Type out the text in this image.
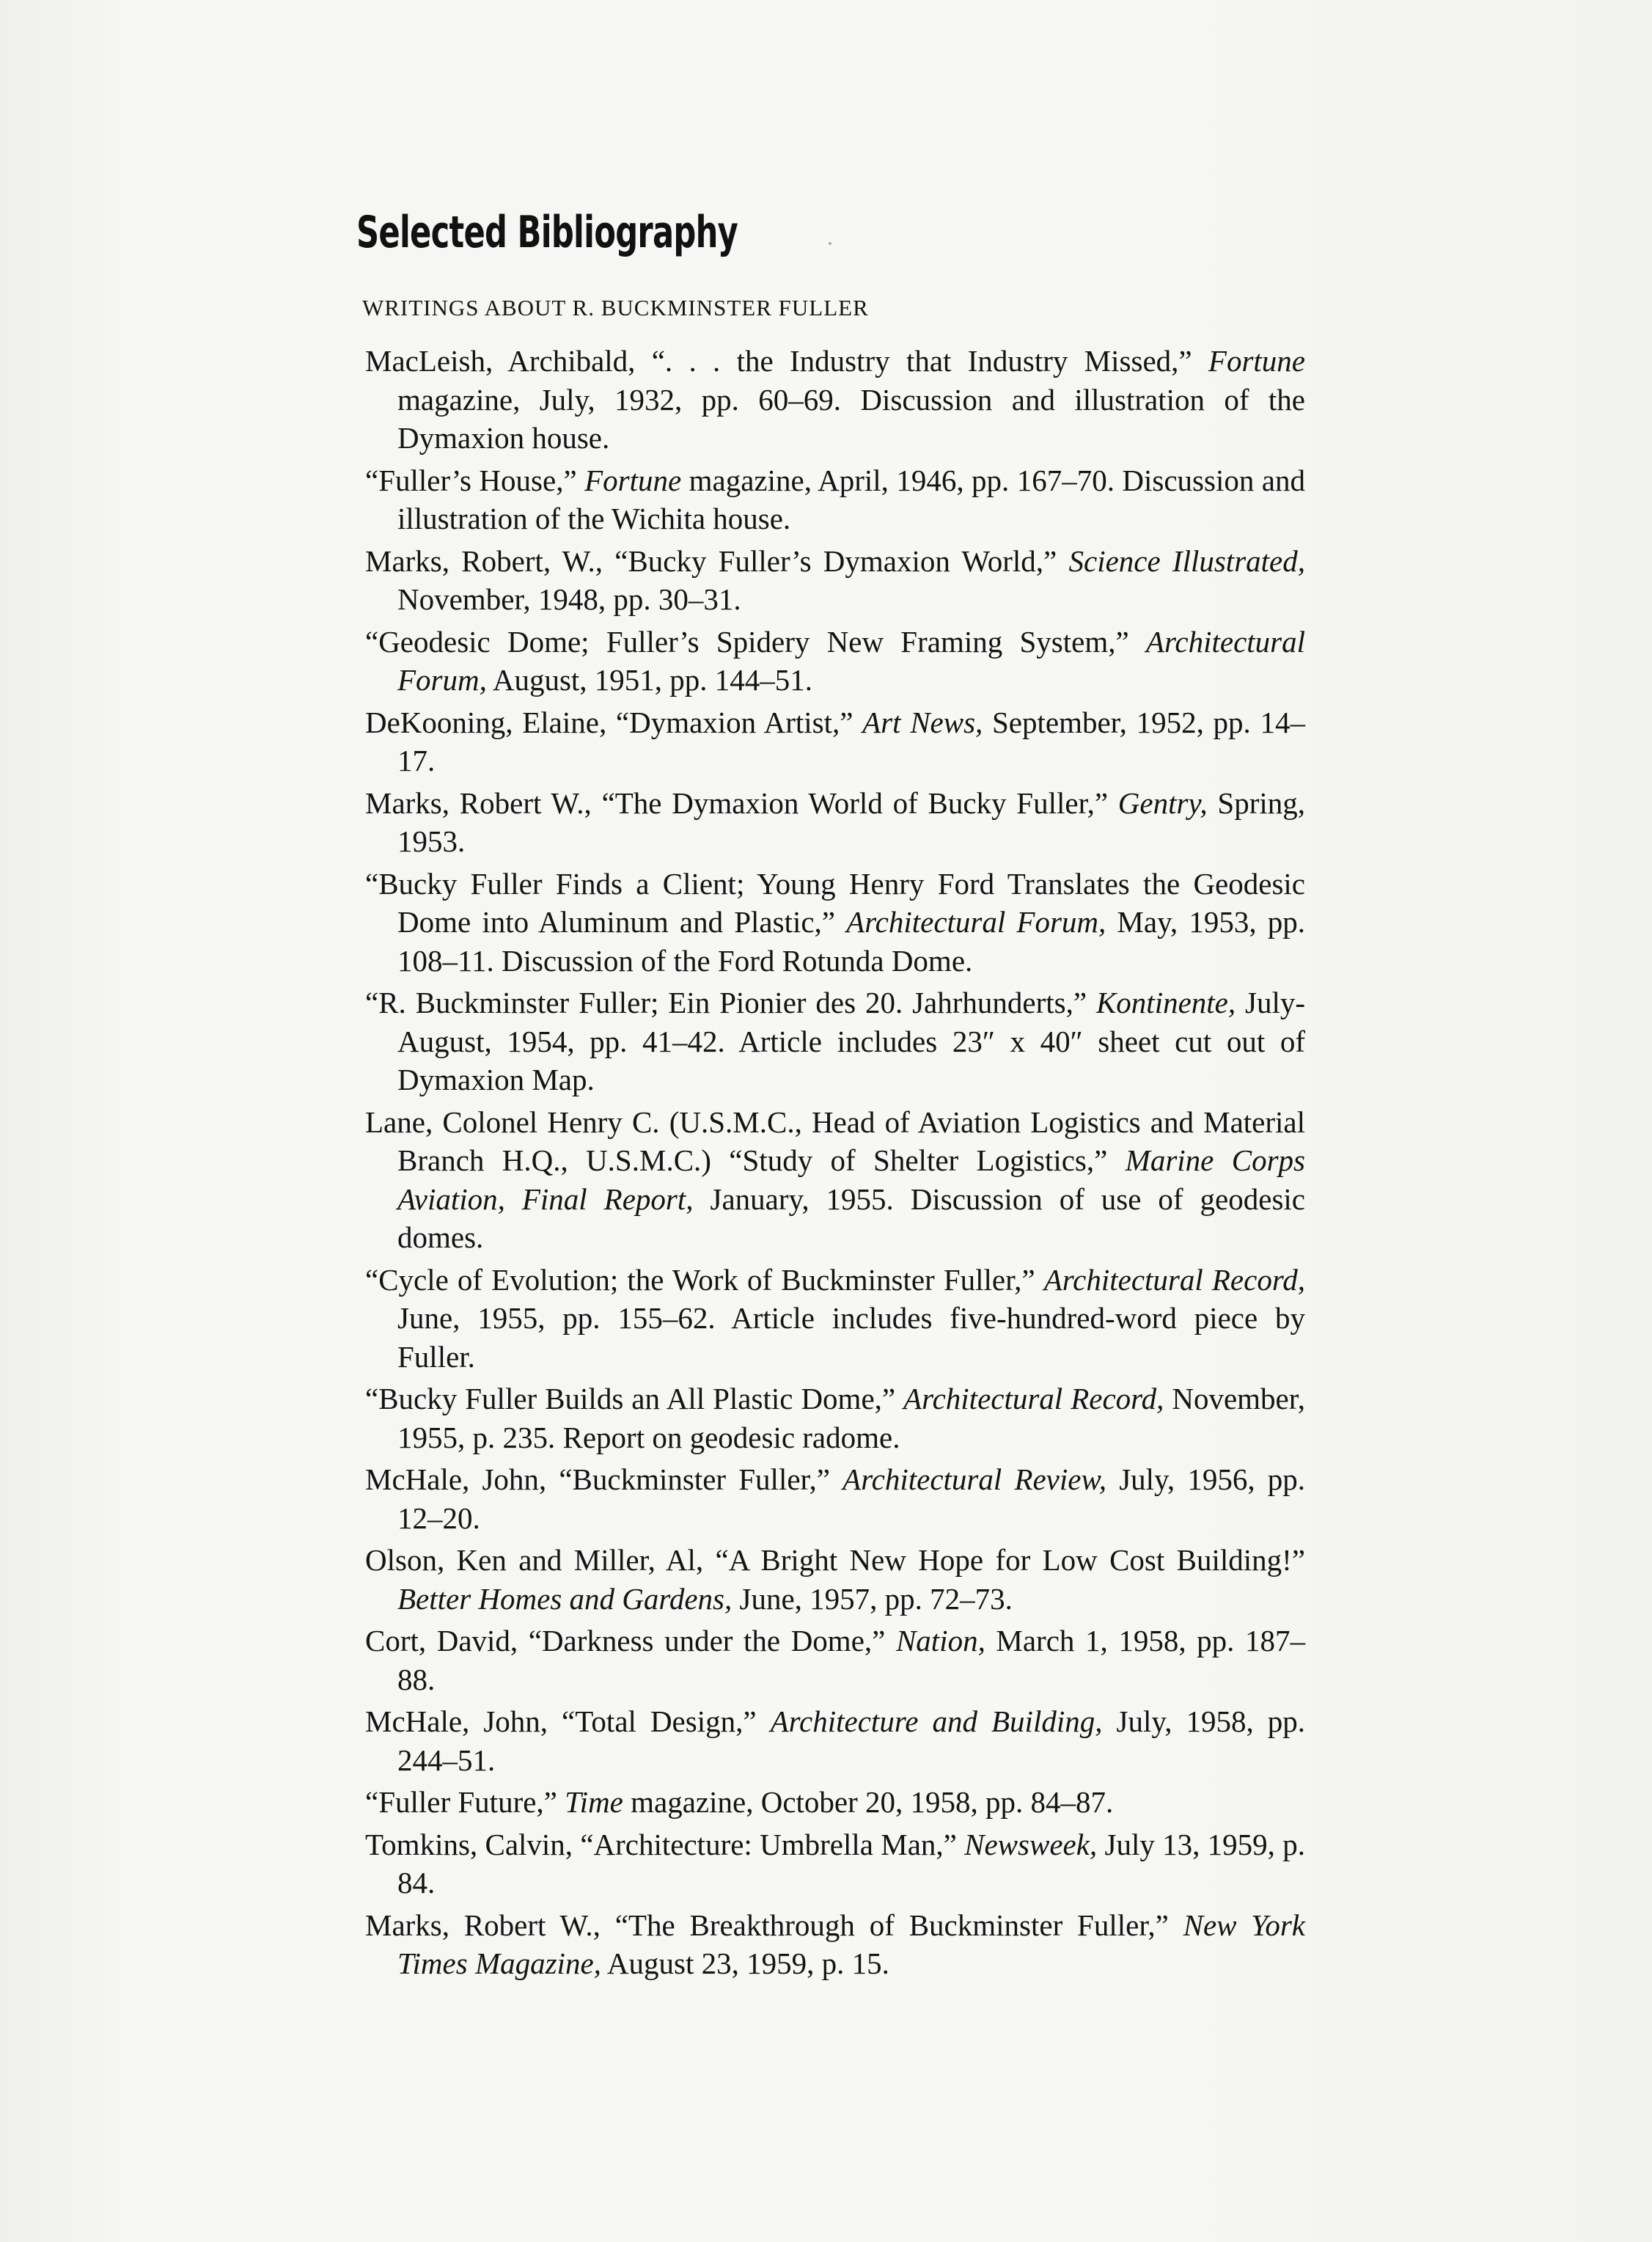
Selected Bibliography
WRITINGS ABOUT R. BUCKMINSTER FULLER

MacLeish, Archibald, “. . . the Industry that Industry Missed,” Fortune magazine, July, 1932, pp. 60–69. Discussion and illustration of the Dymaxion house.

“Fuller’s House,” Fortune magazine, April, 1946, pp. 167–70. Discussion and illustration of the Wichita house.

Marks, Robert, W., “Bucky Fuller’s Dymaxion World,” Science Illustrated, November, 1948, pp. 30–31.

“Geodesic Dome; Fuller’s Spidery New Framing System,” Architectural Forum, August, 1951, pp. 144–51.

DeKooning, Elaine, “Dymaxion Artist,” Art News, September, 1952, pp. 14–17.

Marks, Robert W., “The Dymaxion World of Bucky Fuller,” Gentry, Spring, 1953.

“Bucky Fuller Finds a Client; Young Henry Ford Translates the Geodesic Dome into Aluminum and Plastic,” Architectural Forum, May, 1953, pp. 108–11. Discussion of the Ford Rotunda Dome.

“R. Buckminster Fuller; Ein Pionier des 20. Jahrhunderts,” Kontinente, July-August, 1954, pp. 41–42. Article includes 23″ x 40″ sheet cut out of Dymaxion Map.

Lane, Colonel Henry C. (U.S.M.C., Head of Aviation Logistics and Material Branch H.Q., U.S.M.C.) “Study of Shelter Logistics,” Marine Corps Aviation, Final Report, January, 1955. Discussion of use of geodesic domes.

“Cycle of Evolution; the Work of Buckminster Fuller,” Architectural Record, June, 1955, pp. 155–62. Article includes five-hundred-word piece by Fuller.

“Bucky Fuller Builds an All Plastic Dome,” Architectural Record, November, 1955, p. 235. Report on geodesic radome.

McHale, John, “Buckminster Fuller,” Architectural Review, July, 1956, pp. 12–20.

Olson, Ken and Miller, Al, “A Bright New Hope for Low Cost Building!” Better Homes and Gardens, June, 1957, pp. 72–73.

Cort, David, “Darkness under the Dome,” Nation, March 1, 1958, pp. 187–88.

McHale, John, “Total Design,” Architecture and Building, July, 1958, pp. 244–51.

“Fuller Future,” Time magazine, October 20, 1958, pp. 84–87.

Tomkins, Calvin, “Architecture: Umbrella Man,” Newsweek, July 13, 1959, p. 84.

Marks, Robert W., “The Breakthrough of Buckminster Fuller,” New York Times Magazine, August 23, 1959, p. 15.
